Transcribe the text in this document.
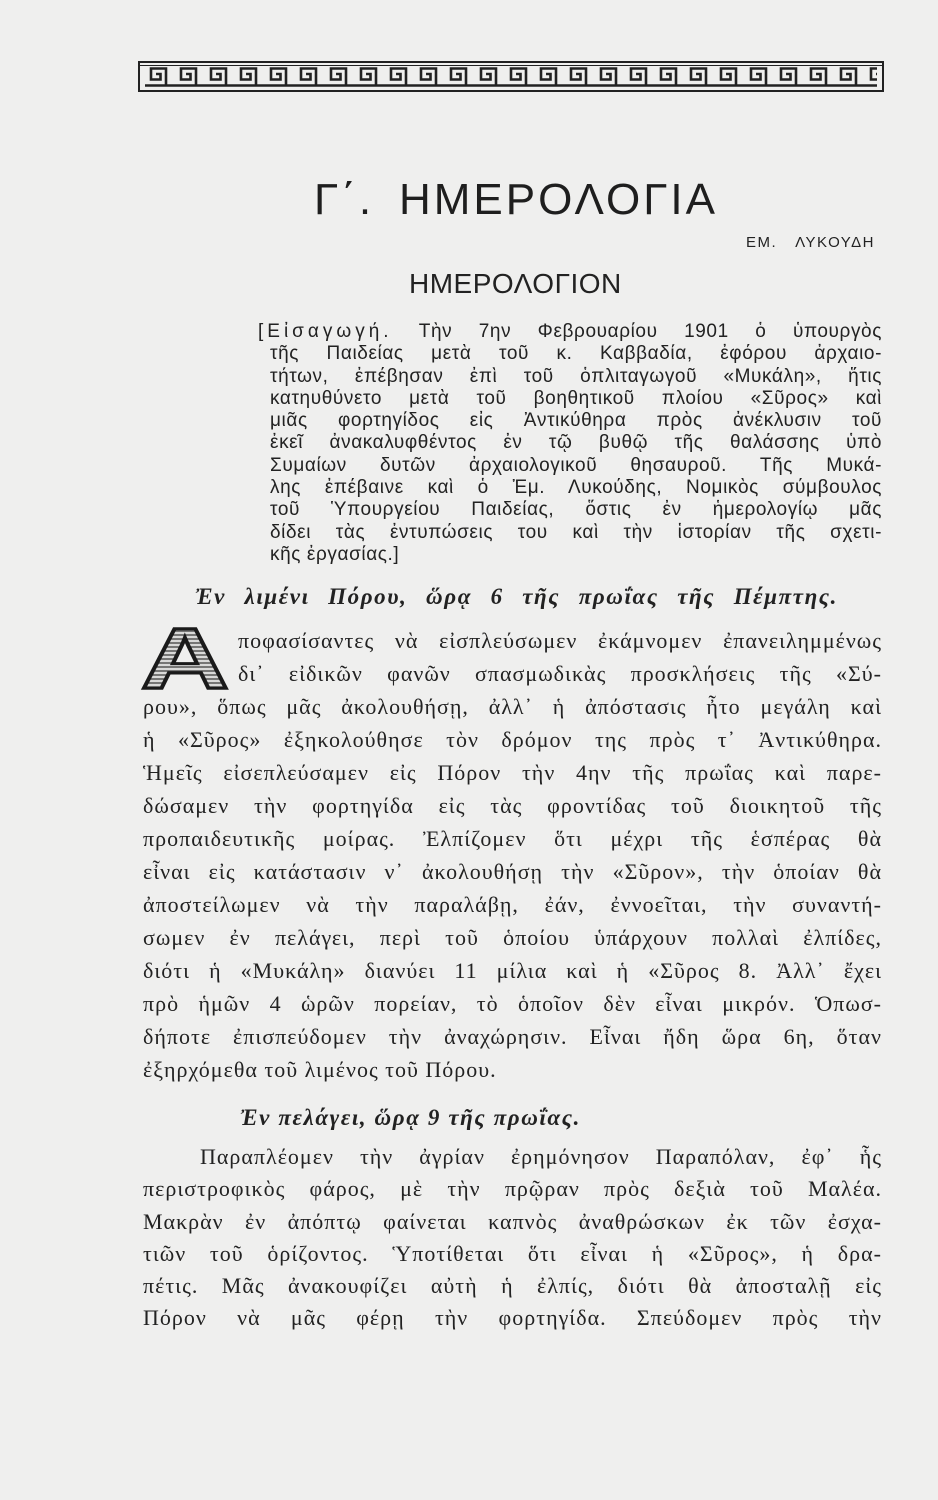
Γ΄. ΗΜΕΡΟΛΟΓΙΑ
ΕΜ. ΛΥΚΟΥΔΗ
ΗΜΕΡΟΛΟΓΙΟΝ
[Εἰσαγωγή. Τὴν 7ην Φεβρουαρίου 1901 ὁ ὑπουργὸς
τῆς Παιδείας μετὰ τοῦ κ. Καββαδία, ἐφόρου ἀρχαιο-
τήτων, ἐπέβησαν ἐπὶ τοῦ ὁπλιταγωγοῦ «Μυκάλη», ἥτις
κατηυθύνετο μετὰ τοῦ βοηθητικοῦ πλοίου «Σῦρος» καὶ
μιᾶς φορτηγίδος εἰς Ἀντικύθηρα πρὸς ἀνέκλυσιν τοῦ
ἐκεῖ ἀνακαλυφθέντος ἐν τῷ βυθῷ τῆς θαλάσσης ὑπὸ
Συμαίων δυτῶν ἀρχαιολογικοῦ θησαυροῦ. Τῆς Μυκά-
λης ἐπέβαινε καὶ ὁ Ἐμ. Λυκούδης, Νομικὸς σύμβουλος
τοῦ Ὑπουργείου Παιδείας, ὅστις ἐν ἡμερολογίῳ μᾶς
δίδει τὰς ἐντυπώσεις του καὶ τὴν ἱστορίαν τῆς σχετι-
κῆς ἐργασίας.]
Ἐν λιμένι Πόρου, ὥρᾳ 6 τῆς πρωΐας τῆς Πέμπτης.
Α ποφασίσαντες νὰ εἰσπλεύσωμεν ἐκάμνομεν ἐπανειλημμένως
δι᾽ εἰδικῶν φανῶν σπασμωδικὰς προσκλήσεις τῆς «Σύ-
ρου», ὅπως μᾶς ἀκολουθήσῃ, ἀλλ᾽ ἡ ἀπόστασις ἦτο μεγάλη καὶ
ἡ «Σῦρος» ἐξηκολούθησε τὸν δρόμον της πρὸς τ᾽ Ἀντικύθηρα.
Ἡμεῖς εἰσεπλεύσαμεν εἰς Πόρον τὴν 4ην τῆς πρωΐας καὶ παρε-
δώσαμεν τὴν φορτηγίδα εἰς τὰς φροντίδας τοῦ διοικητοῦ τῆς
προπαιδευτικῆς μοίρας. Ἐλπίζομεν ὅτι μέχρι τῆς ἑσπέρας θὰ
εἶναι εἰς κατάστασιν ν᾽ ἀκολουθήσῃ τὴν «Σῦρον», τὴν ὁποίαν θὰ
ἀποστείλωμεν νὰ τὴν παραλάβῃ, ἐάν, ἐννοεῖται, τὴν συναντή-
σωμεν ἐν πελάγει, περὶ τοῦ ὁποίου ὑπάρχουν πολλαὶ ἐλπίδες,
διότι ἡ «Μυκάλη» διανύει 11 μίλια καὶ ἡ «Σῦρος 8. Ἀλλ᾽ ἔχει
πρὸ ἡμῶν 4 ὡρῶν πορείαν, τὸ ὁποῖον δὲν εἶναι μικρόν. Ὁπωσ-
δήποτε ἐπισπεύδομεν τὴν ἀναχώρησιν. Εἶναι ἤδη ὥρα 6η, ὅταν
ἐξηρχόμεθα τοῦ λιμένος τοῦ Πόρου.
Ἐν πελάγει, ὥρᾳ 9 τῆς πρωΐας.
Παραπλέομεν τὴν ἀγρίαν ἐρημόνησον Παραπόλαν, ἐφ᾽ ἧς
περιστροφικὸς φάρος, μὲ τὴν πρῷραν πρὸς δεξιὰ τοῦ Μαλέα.
Μακρὰν ἐν ἀπόπτῳ φαίνεται καπνὸς ἀναθρώσκων ἐκ τῶν ἐσχα-
τιῶν τοῦ ὁρίζοντος. Ὑποτίθεται ὅτι εἶναι ἡ «Σῦρος», ἡ δρα-
πέτις. Μᾶς ἀνακουφίζει αὐτὴ ἡ ἐλπίς, διότι θὰ ἀποσταλῇ εἰς
Πόρον νὰ μᾶς φέρῃ τὴν φορτηγίδα. Σπεύδομεν πρὸς τὴν
